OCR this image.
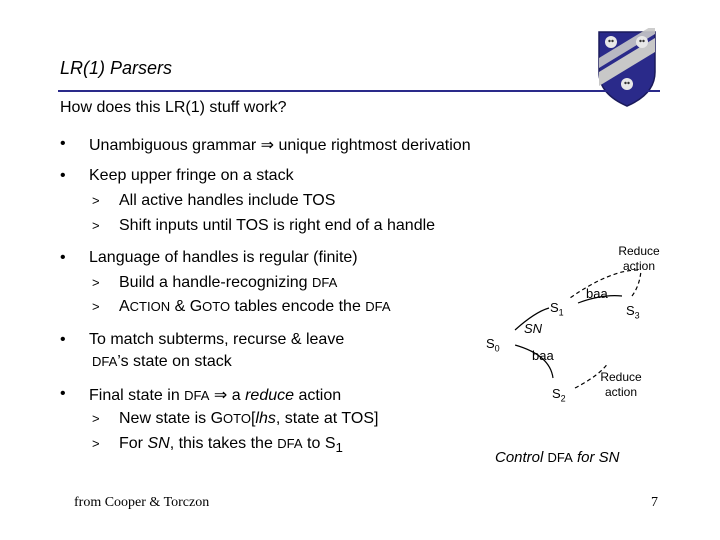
LR(1) Parsers
How does this LR(1) stuff work?
• Unambiguous grammar ⇒ unique rightmost derivation
• Keep upper fringe on a stack
> All active handles include TOS
> Shift inputs until TOS is right end of a handle
• Language of handles is regular (finite)
> Build a handle-recognizing DFA
> ACTION & GOTO tables encode the DFA
• To match subterms, recurse & leave
DFA’s state on stack
• Final state in DFA ⇒ a reduce action
> New state is GOTO[lhs, state at TOS]
> For SN, this takes the DFA to $S_1$
$S_0$
$S_1$
$S_2$
$S_3$
SN
baa
baa
Reduce
action
Reduce
action
Control DFA for SN
from Cooper & Torczon	7
